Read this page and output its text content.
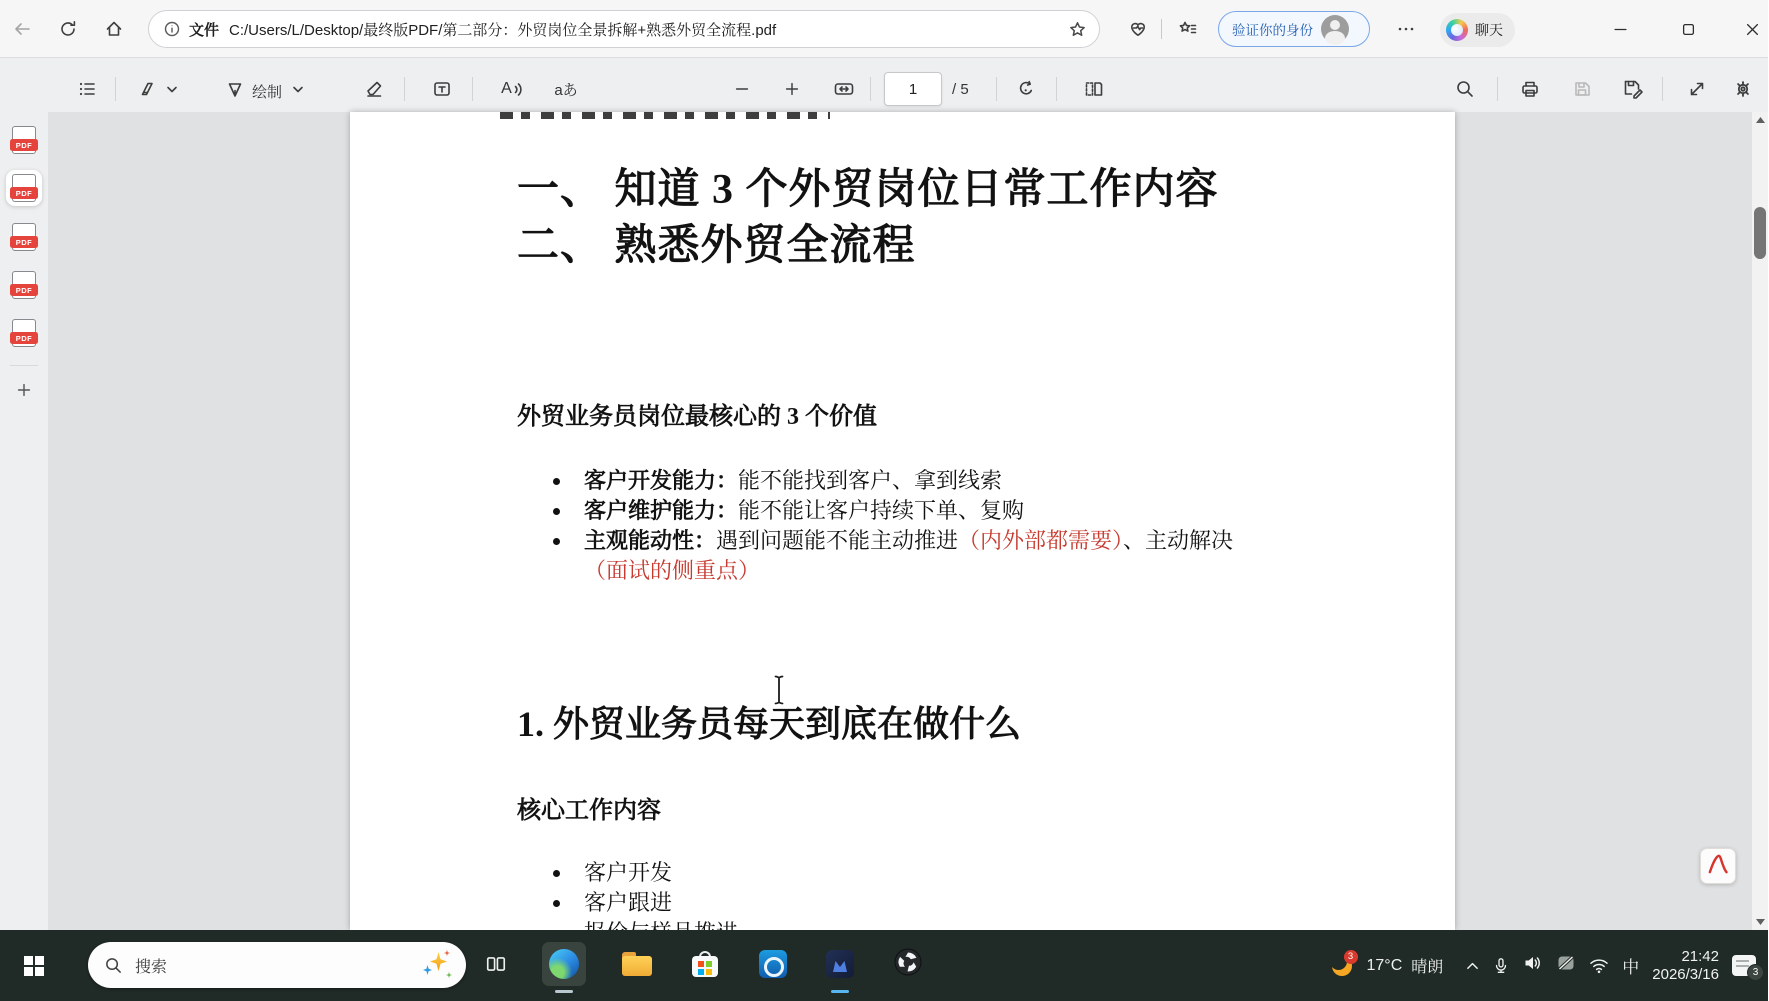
文件 C:/Users/L/Desktop/最终版PDF/第二部分：外贸岗位全景拆解+熟悉外贸全流程.pdf	验证你的身份	聊天
绘制	A	aあ
1	/ 5
PDF
PDF
PDF
PDF
PDF
一、 知道 3 个外贸岗位日常工作内容
二、 熟悉外贸全流程
外贸业务员岗位最核心的 3 个价值
客户开发能力：能不能找到客户、拿到线索
客户维护能力：能不能让客户持续下单、复购
主观能动性：遇到问题能不能主动推进（内外部都需要）、主动解决
（面试的侧重点）
1. 外贸业务员每天到底在做什么
核心工作内容
客户开发
客户跟进
搜索
3 17°C 晴朗	中
21:42
2026/3/16	3
